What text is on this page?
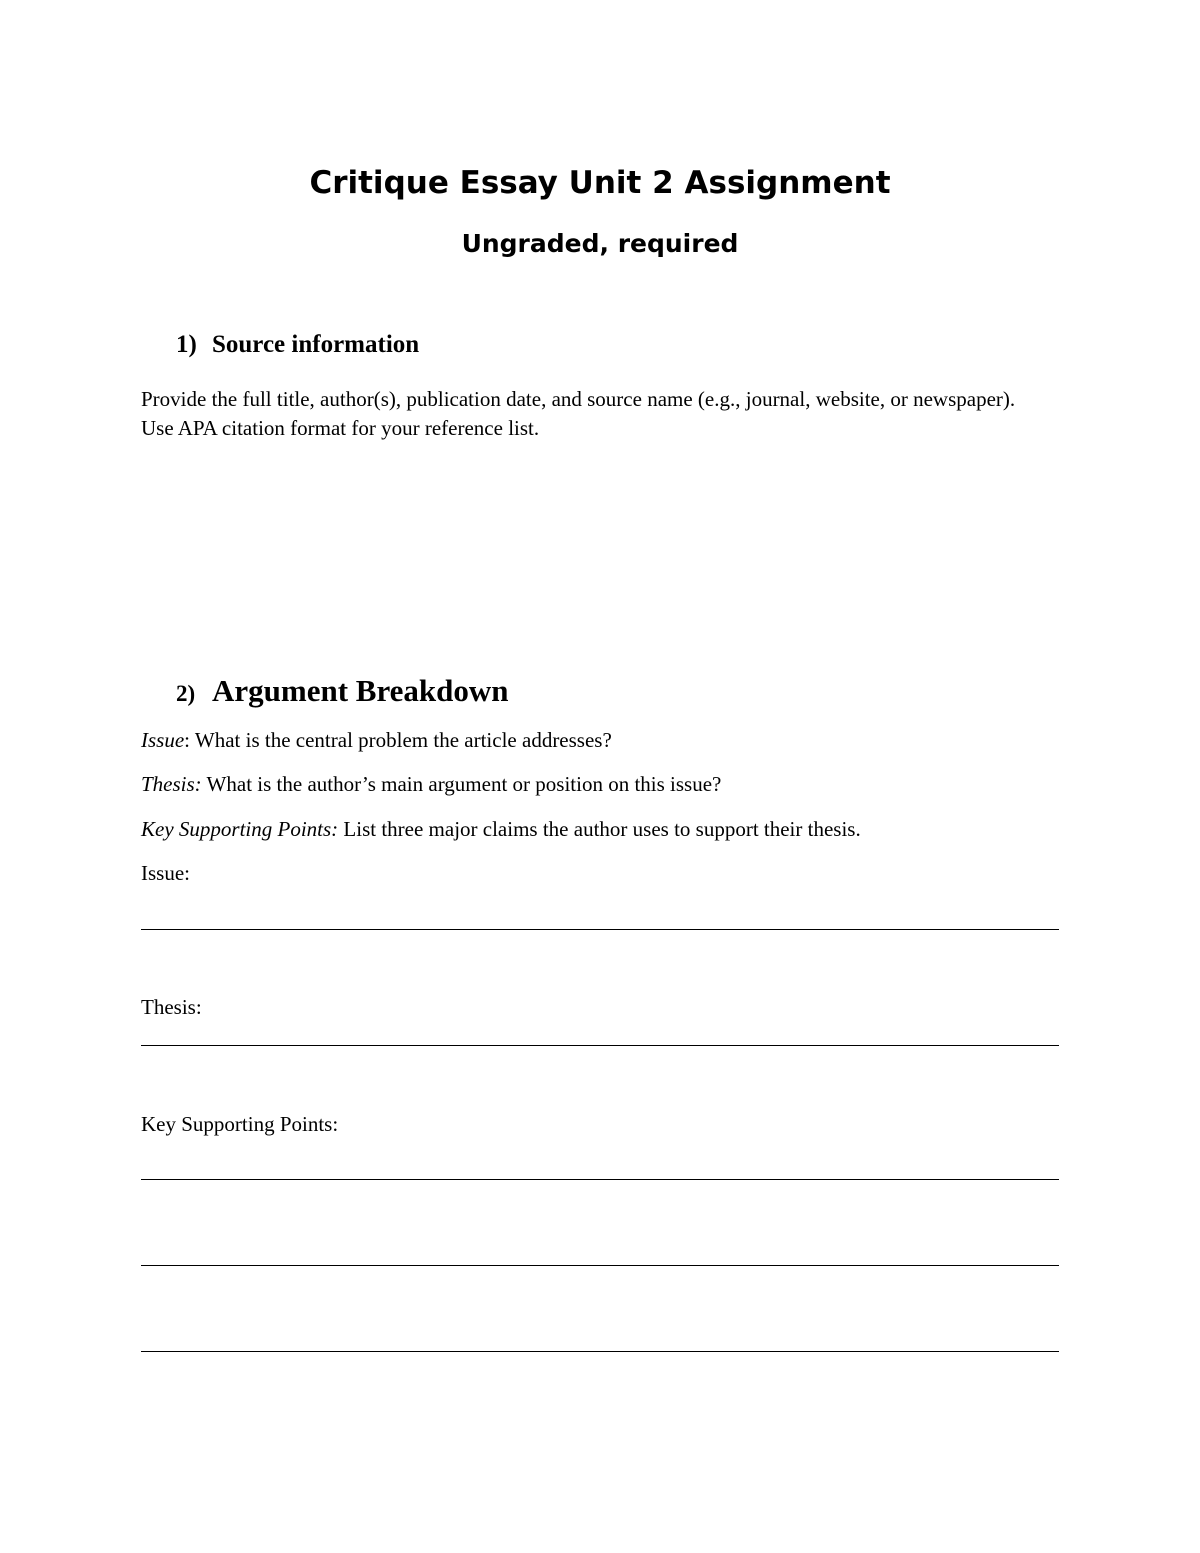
Critique Essay Unit 2 Assignment
Ungraded, required
1) Source information

Provide the full title, author(s), publication date, and source name (e.g., journal, website, or newspaper). Use APA citation format for your reference list.

2) Argument Breakdown

Issue: What is the central problem the article addresses?

Thesis: What is the author’s main argument or position on this issue?

Key Supporting Points: List three major claims the author uses to support their thesis.

Issue:

Thesis:

Key Supporting Points:
